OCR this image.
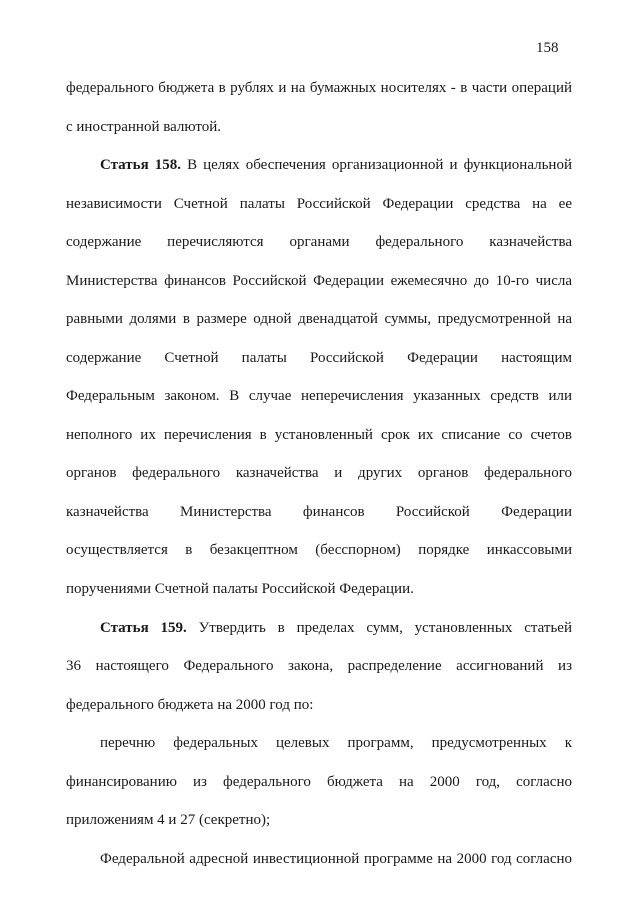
158
федерального бюджета в рублях и на бумажных носителях - в части операций
с иностранной валютой.
Статья 158. В целях обеспечения организационной и функциональной
независимости Счетной палаты Российской Федерации средства на ее
содержание перечисляются органами федерального казначейства
Министерства финансов Российской Федерации ежемесячно до 10-го числа
равными долями в размере одной двенадцатой суммы, предусмотренной на
содержание Счетной палаты Российской Федерации настоящим
Федеральным законом. В случае неперечисления указанных средств или
неполного их перечисления в установленный срок их списание со счетов
органов федерального казначейства и других органов федерального
казначейства Министерства финансов Российской Федерации
осуществляется в безакцептном (бесспорном) порядке инкассовыми
поручениями Счетной палаты Российской Федерации.
Статья 159. Утвердить в пределах сумм, установленных статьей
36 настоящего Федерального закона, распределение ассигнований из
федерального бюджета на 2000 год по:
перечню федеральных целевых программ, предусмотренных к
финансированию из федерального бюджета на 2000 год, согласно
приложениям 4 и 27 (секретно);
Федеральной адресной инвестиционной программе на 2000 год согласно
